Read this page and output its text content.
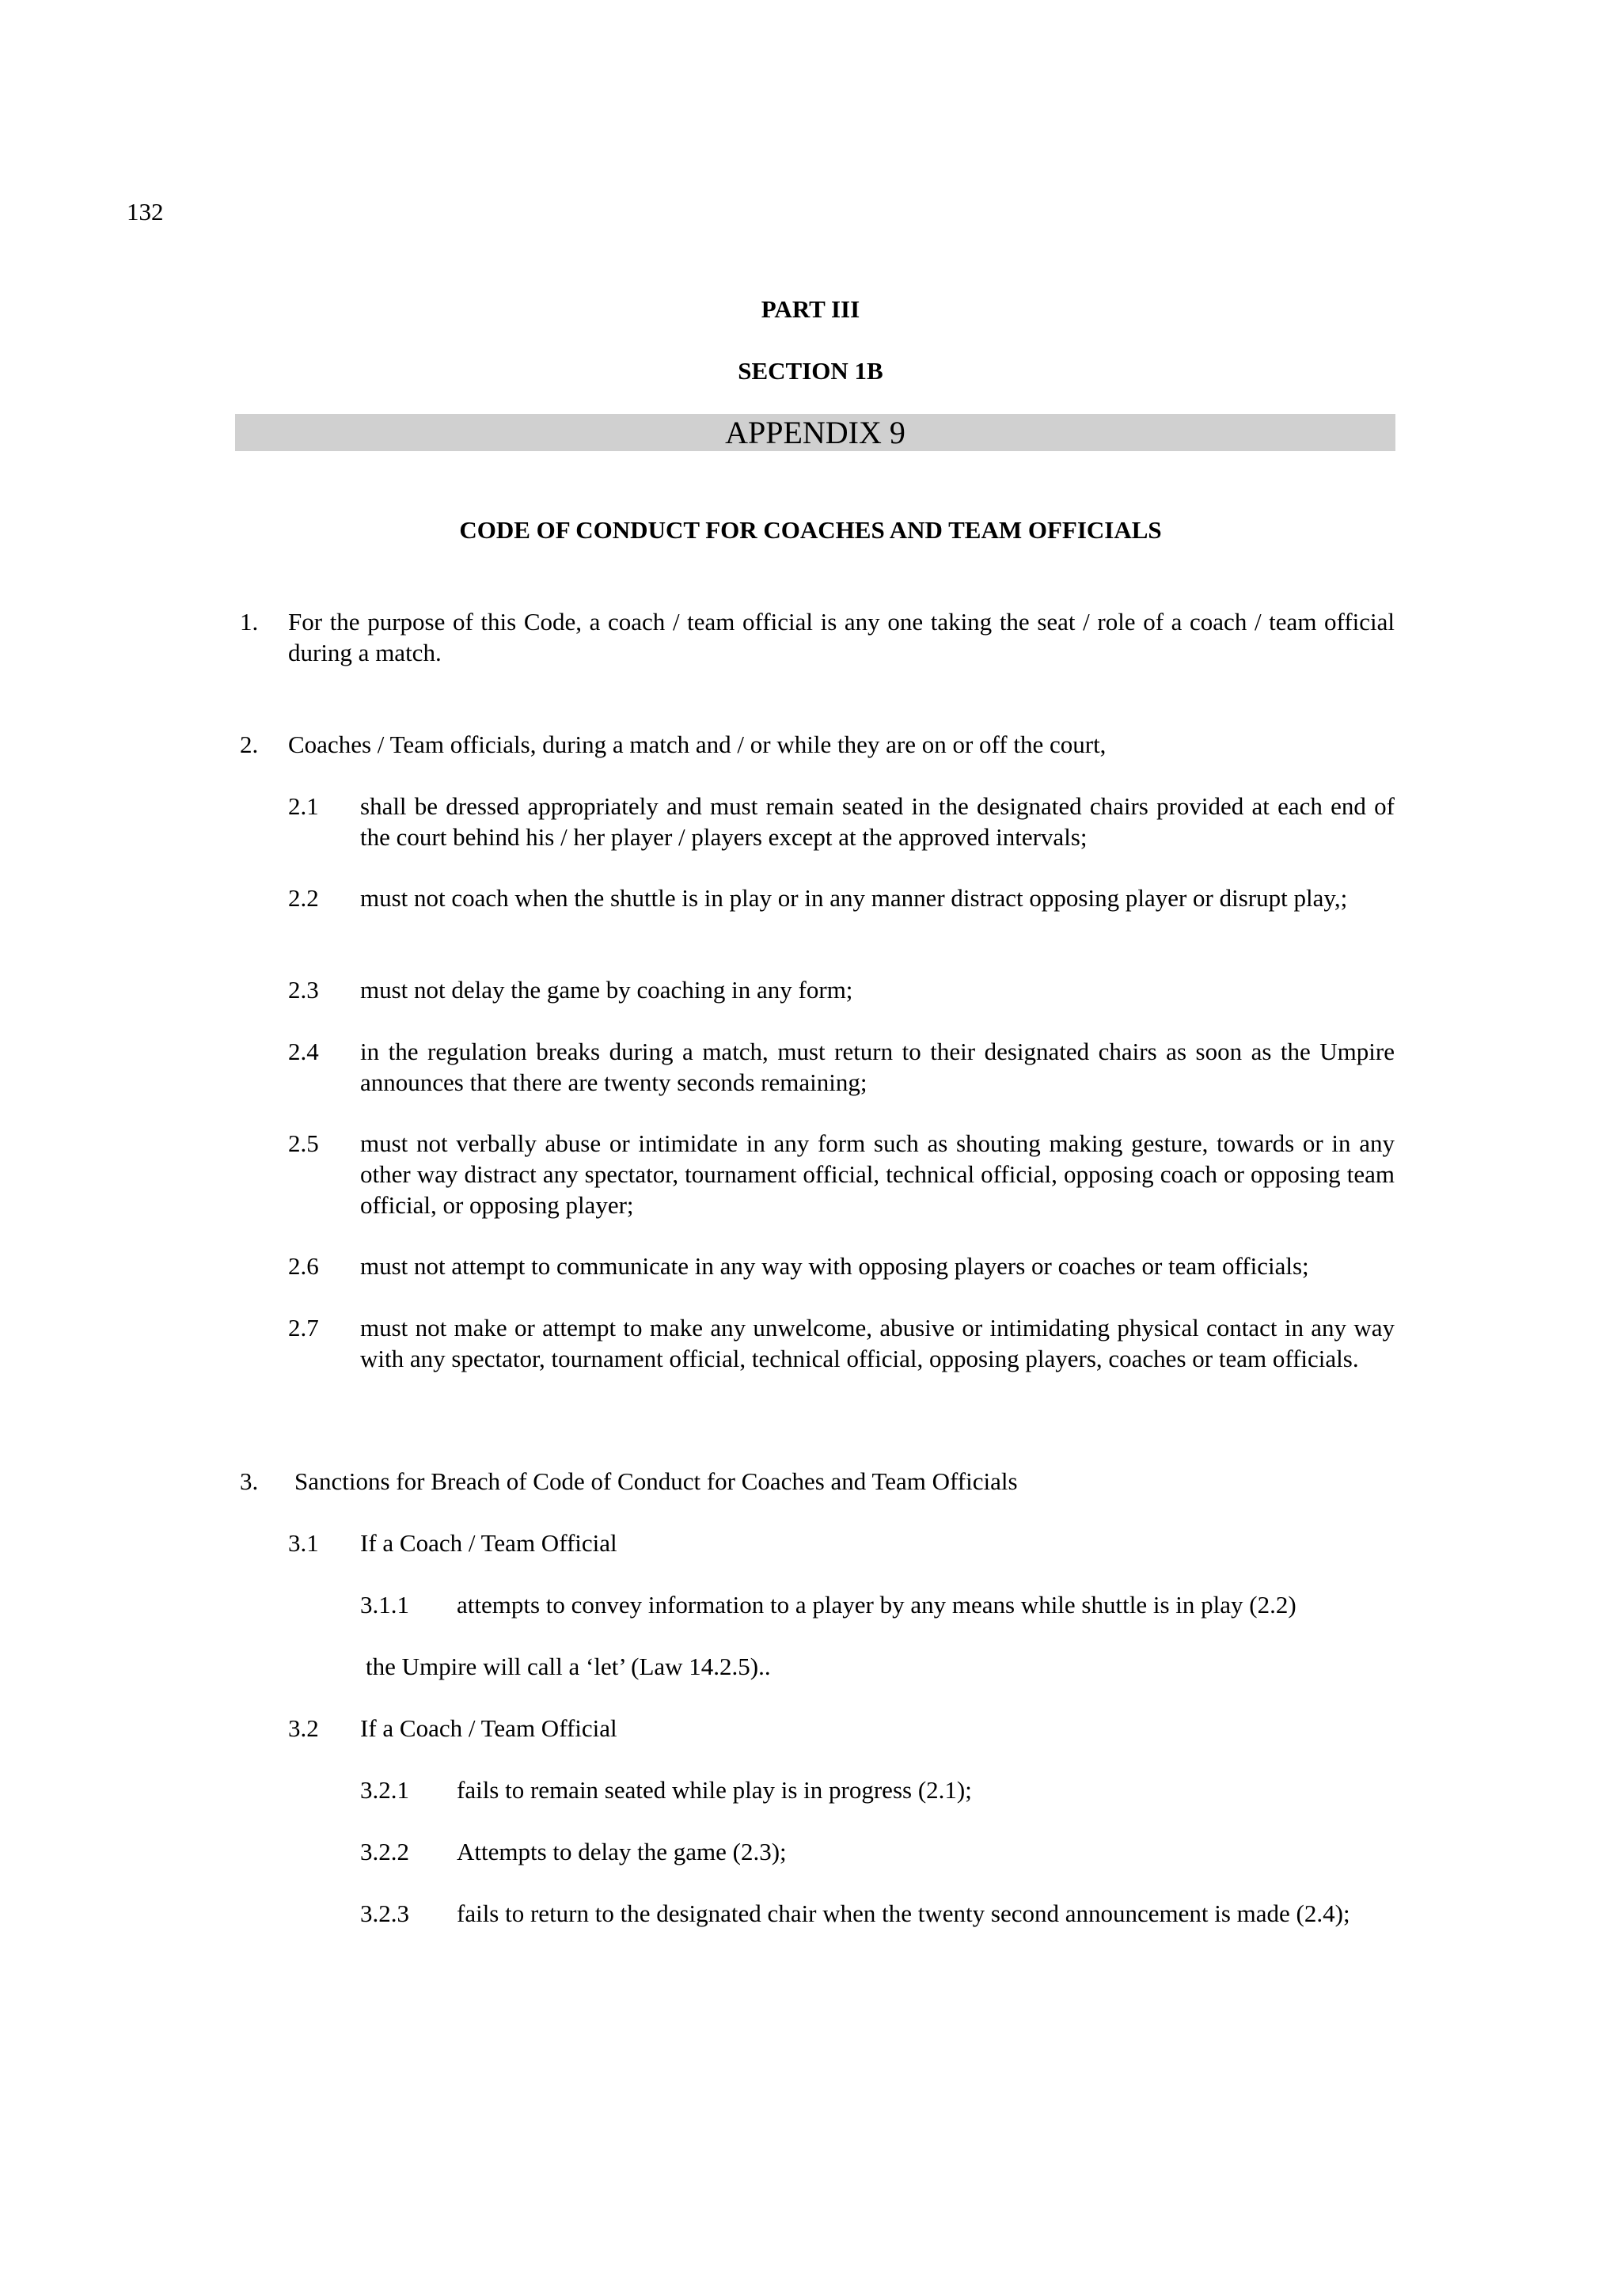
132
PART III
SECTION 1B
APPENDIX 9
CODE OF CONDUCT FOR COACHES AND TEAM OFFICIALS
1. For the purpose of this Code, a coach / team official is any one taking the seat / role of a coach / team official during a match.
2. Coaches / Team officials, during a match and / or while they are on or off the court,
2.1 shall be dressed appropriately and must remain seated in the designated chairs provided at each end of the court behind his / her player / players except at the approved intervals;
2.2 must not coach when the shuttle is in play or in any manner distract opposing player or disrupt play,;
2.3 must not delay the game by coaching in any form;
2.4 in the regulation breaks during a match, must return to their designated chairs as soon as the Umpire announces that there are twenty seconds remaining;
2.5 must not verbally abuse or intimidate in any form such as shouting making gesture, towards or in any other way distract any spectator, tournament official, technical official, opposing coach or opposing team official, or opposing player;
2.6 must not attempt to communicate in any way with opposing players or coaches or team officials;
2.7 must not make or attempt to make any unwelcome, abusive or intimidating physical contact in any way with any spectator, tournament official, technical official, opposing players, coaches or team officials.
3. Sanctions for Breach of Code of Conduct for Coaches and Team Officials
3.1 If a Coach / Team Official
3.1.1 attempts to convey information to a player by any means while shuttle is in play (2.2)
the Umpire will call a ‘let’ (Law 14.2.5)..
3.2 If a Coach / Team Official
3.2.1 fails to remain seated while play is in progress (2.1);
3.2.2 Attempts to delay the game (2.3);
3.2.3 fails to return to the designated chair when the twenty second announcement is made (2.4);
